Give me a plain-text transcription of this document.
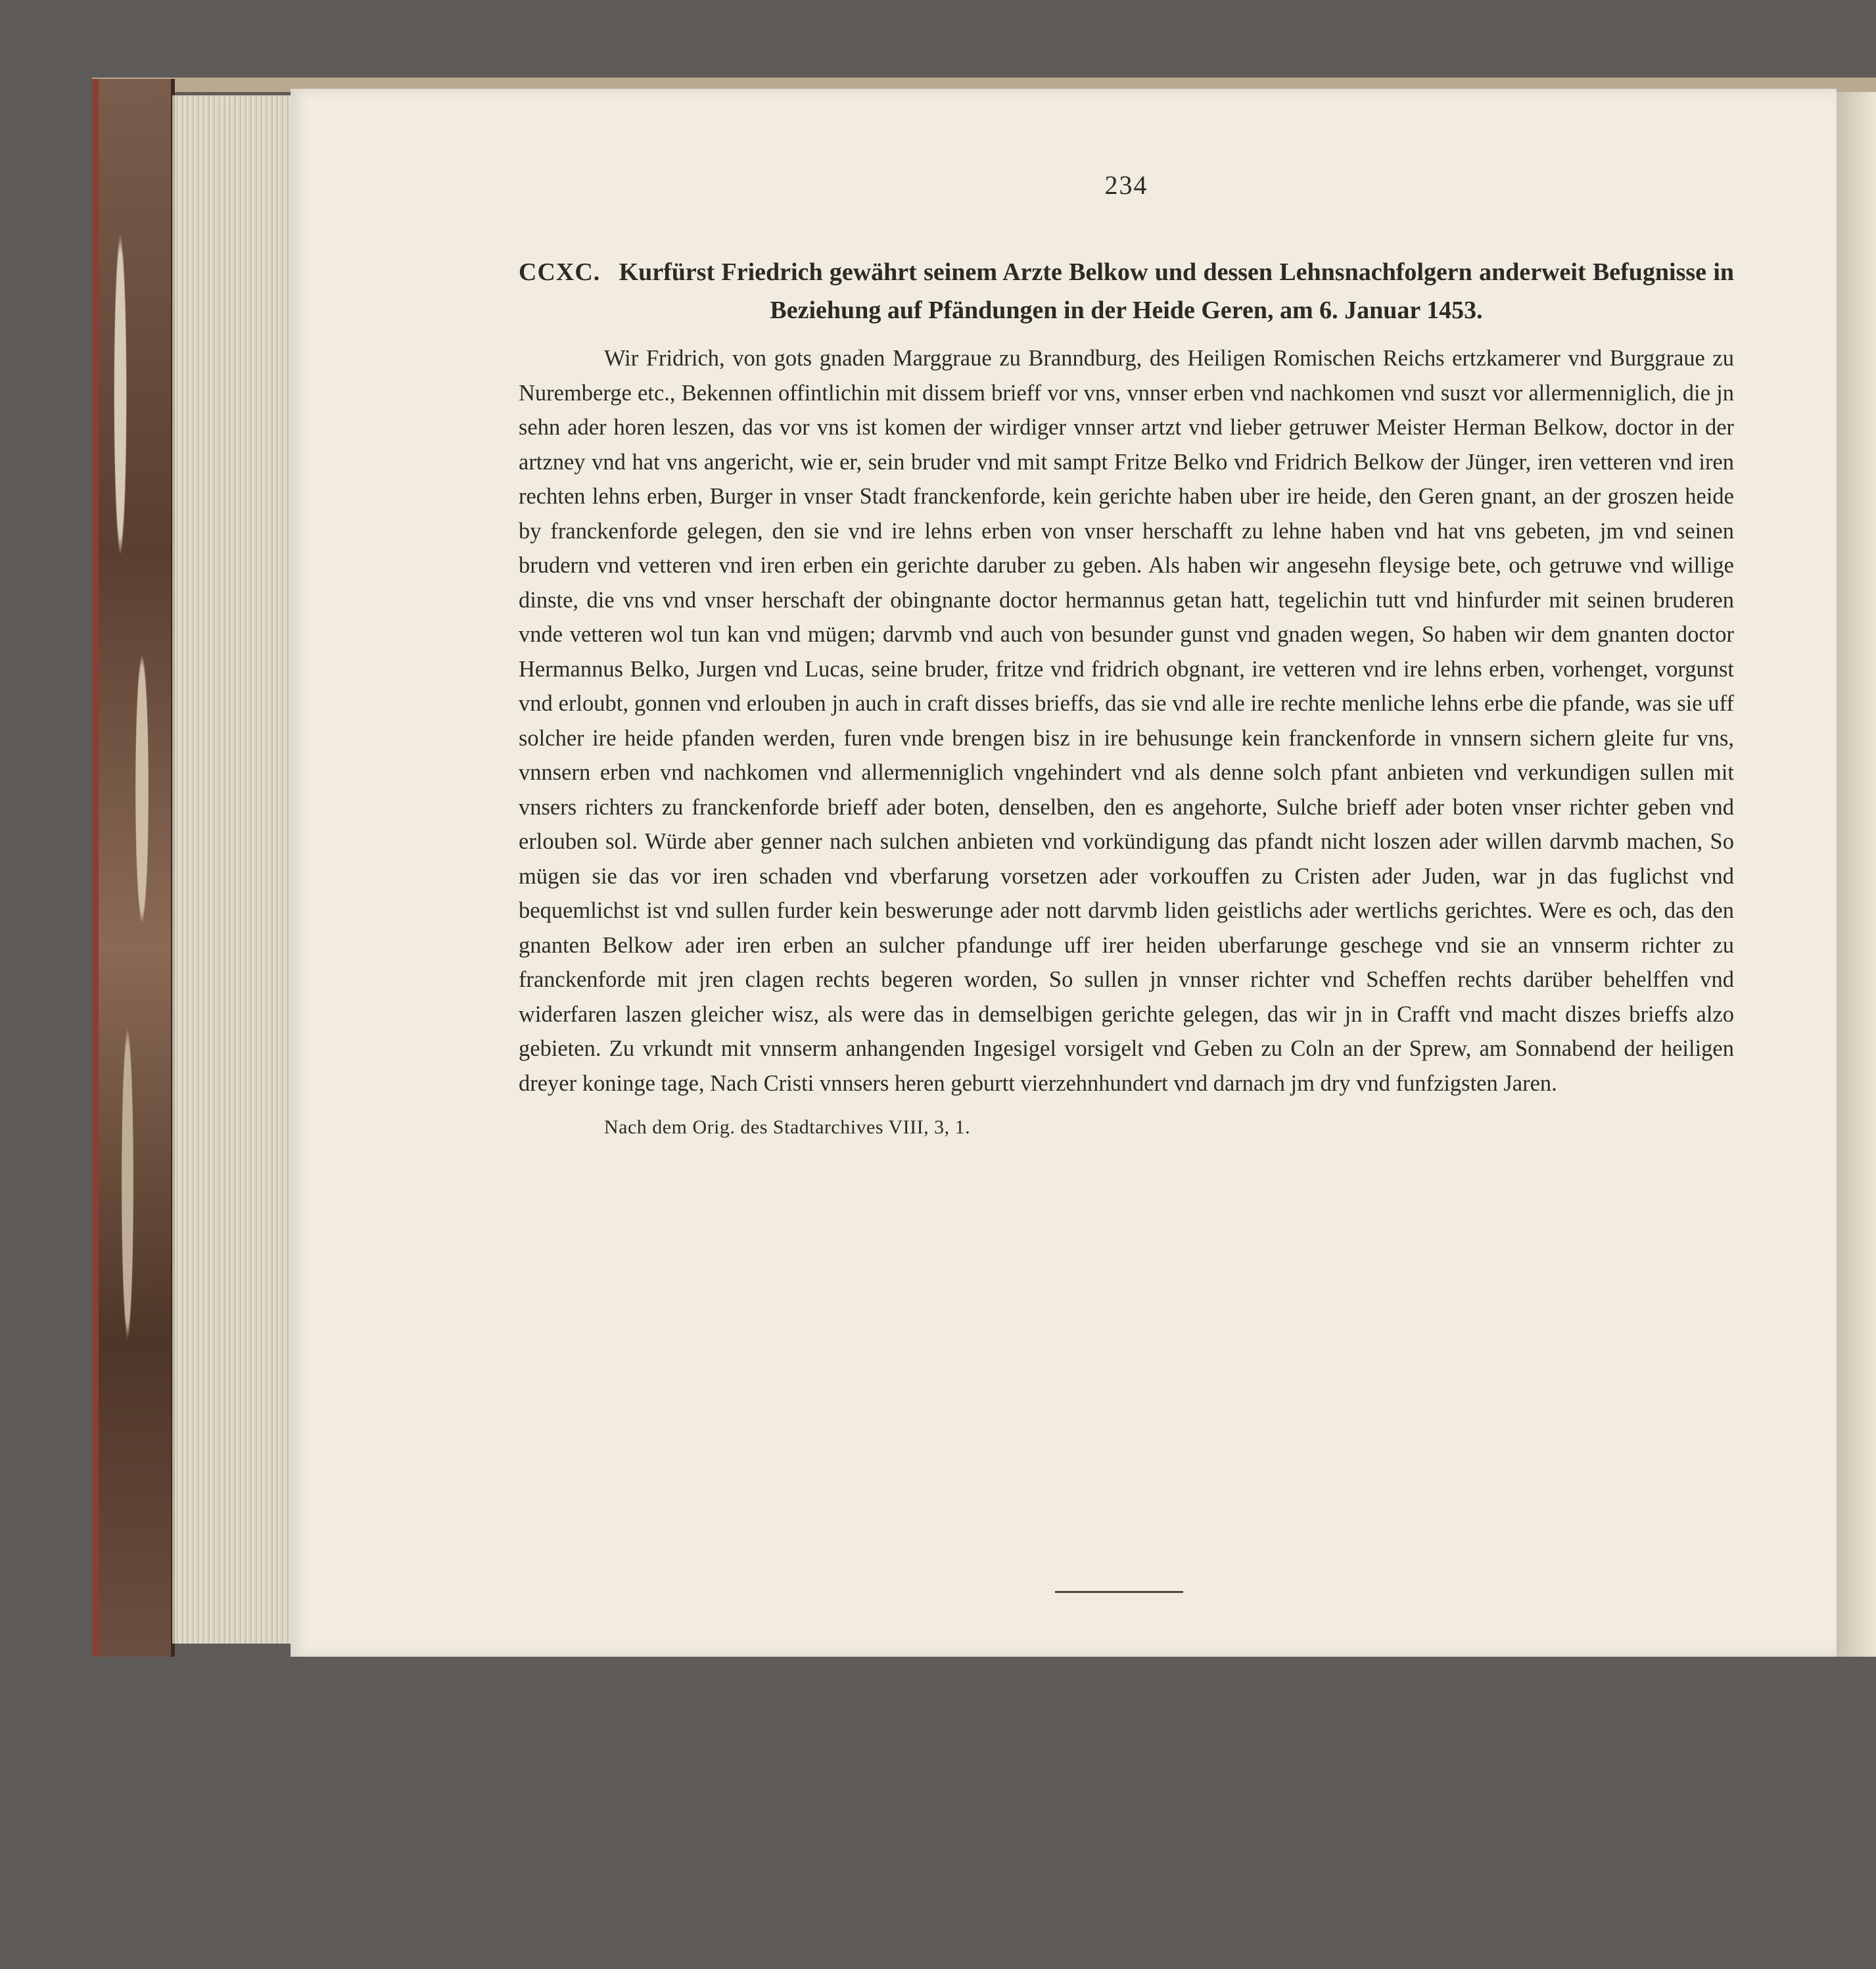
234
CCXC. Kurfürst Friedrich gewährt seinem Arzte Belkow und dessen Lehnsnachfolgern anderweit Befugnisse in Beziehung auf Pfändungen in der Heide Geren, am 6. Januar 1453.

Wir Fridrich, von gots gnaden Marggraue zu Branndburg, des Heiligen Romischen Reichs ertzkamerer vnd Burggraue zu Nuremberge etc., Bekennen offintlichin mit dissem brieff vor vns, vnnser erben vnd nachkomen vnd suszt vor allermenniglich, die jn sehn ader horen leszen, das vor vns ist komen der wirdiger vnnser artzt vnd lieber getruwer Meister Herman Belkow, doctor in der artzney vnd hat vns angericht, wie er, sein bruder vnd mit sampt Fritze Belko vnd Fridrich Belkow der Jünger, iren vetteren vnd iren rechten lehns erben, Burger in vnser Stadt franckenforde, kein gerichte haben uber ire heide, den Geren gnant, an der groszen heide by franckenforde gelegen, den sie vnd ire lehns erben von vnser herschafft zu lehne haben vnd hat vns gebeten, jm vnd seinen brudern vnd vetteren vnd iren erben ein gerichte daruber zu geben. Als haben wir angesehn fleysige bete, och getruwe vnd willige dinste, die vns vnd vnser herschaft der obingnante doctor hermannus getan hatt, tegelichin tutt vnd hinfurder mit seinen bruderen vnde vetteren wol tun kan vnd mügen; darvmb vnd auch von besunder gunst vnd gnaden wegen, So haben wir dem gnanten doctor Hermannus Belko, Jurgen vnd Lucas, seine bruder, fritze vnd fridrich obgnant, ire vetteren vnd ire lehns erben, vorhenget, vorgunst vnd erloubt, gonnen vnd erlouben jn auch in craft disses brieffs, das sie vnd alle ire rechte menliche lehns erbe die pfande, was sie uff solcher ire heide pfanden werden, furen vnde brengen bisz in ire behusunge kein franckenforde in vnnsern sichern gleite fur vns, vnnsern erben vnd nachkomen vnd allermenniglich vngehindert vnd als denne solch pfant anbieten vnd verkundigen sullen mit vnsers richters zu franckenforde brieff ader boten, denselben, den es angehorte, Sulche brieff ader boten vnser richter geben vnd erlouben sol. Würde aber genner nach sulchen anbieten vnd vorkündigung das pfandt nicht loszen ader willen darvmb machen, So mügen sie das vor iren schaden vnd vberfarung vorsetzen ader vorkouffen zu Cristen ader Juden, war jn das fuglichst vnd bequemlichst ist vnd sullen furder kein beswerunge ader nott darvmb liden geistlichs ader wertlichs gerichtes. Were es och, das den gnanten Belkow ader iren erben an sulcher pfandunge uff irer heiden uberfarunge geschege vnd sie an vnnserm richter zu franckenforde mit jren clagen rechts begeren worden, So sullen jn vnnser richter vnd Scheffen rechts darüber behelffen vnd widerfaren laszen gleicher wisz, als were das in demselbigen gerichte gelegen, das wir jn in Crafft vnd macht diszes brieffs alzo gebieten. Zu vrkundt mit vnnserm anhangenden Ingesigel vorsigelt vnd Geben zu Coln an der Sprew, am Sonnabend der heiligen dreyer koninge tage, Nach Cristi vnnsers heren geburtt vierzehnhundert vnd darnach jm dry vnd funfzigsten Jaren.

Nach dem Orig. des Stadtarchives VIII, 3, 1.
